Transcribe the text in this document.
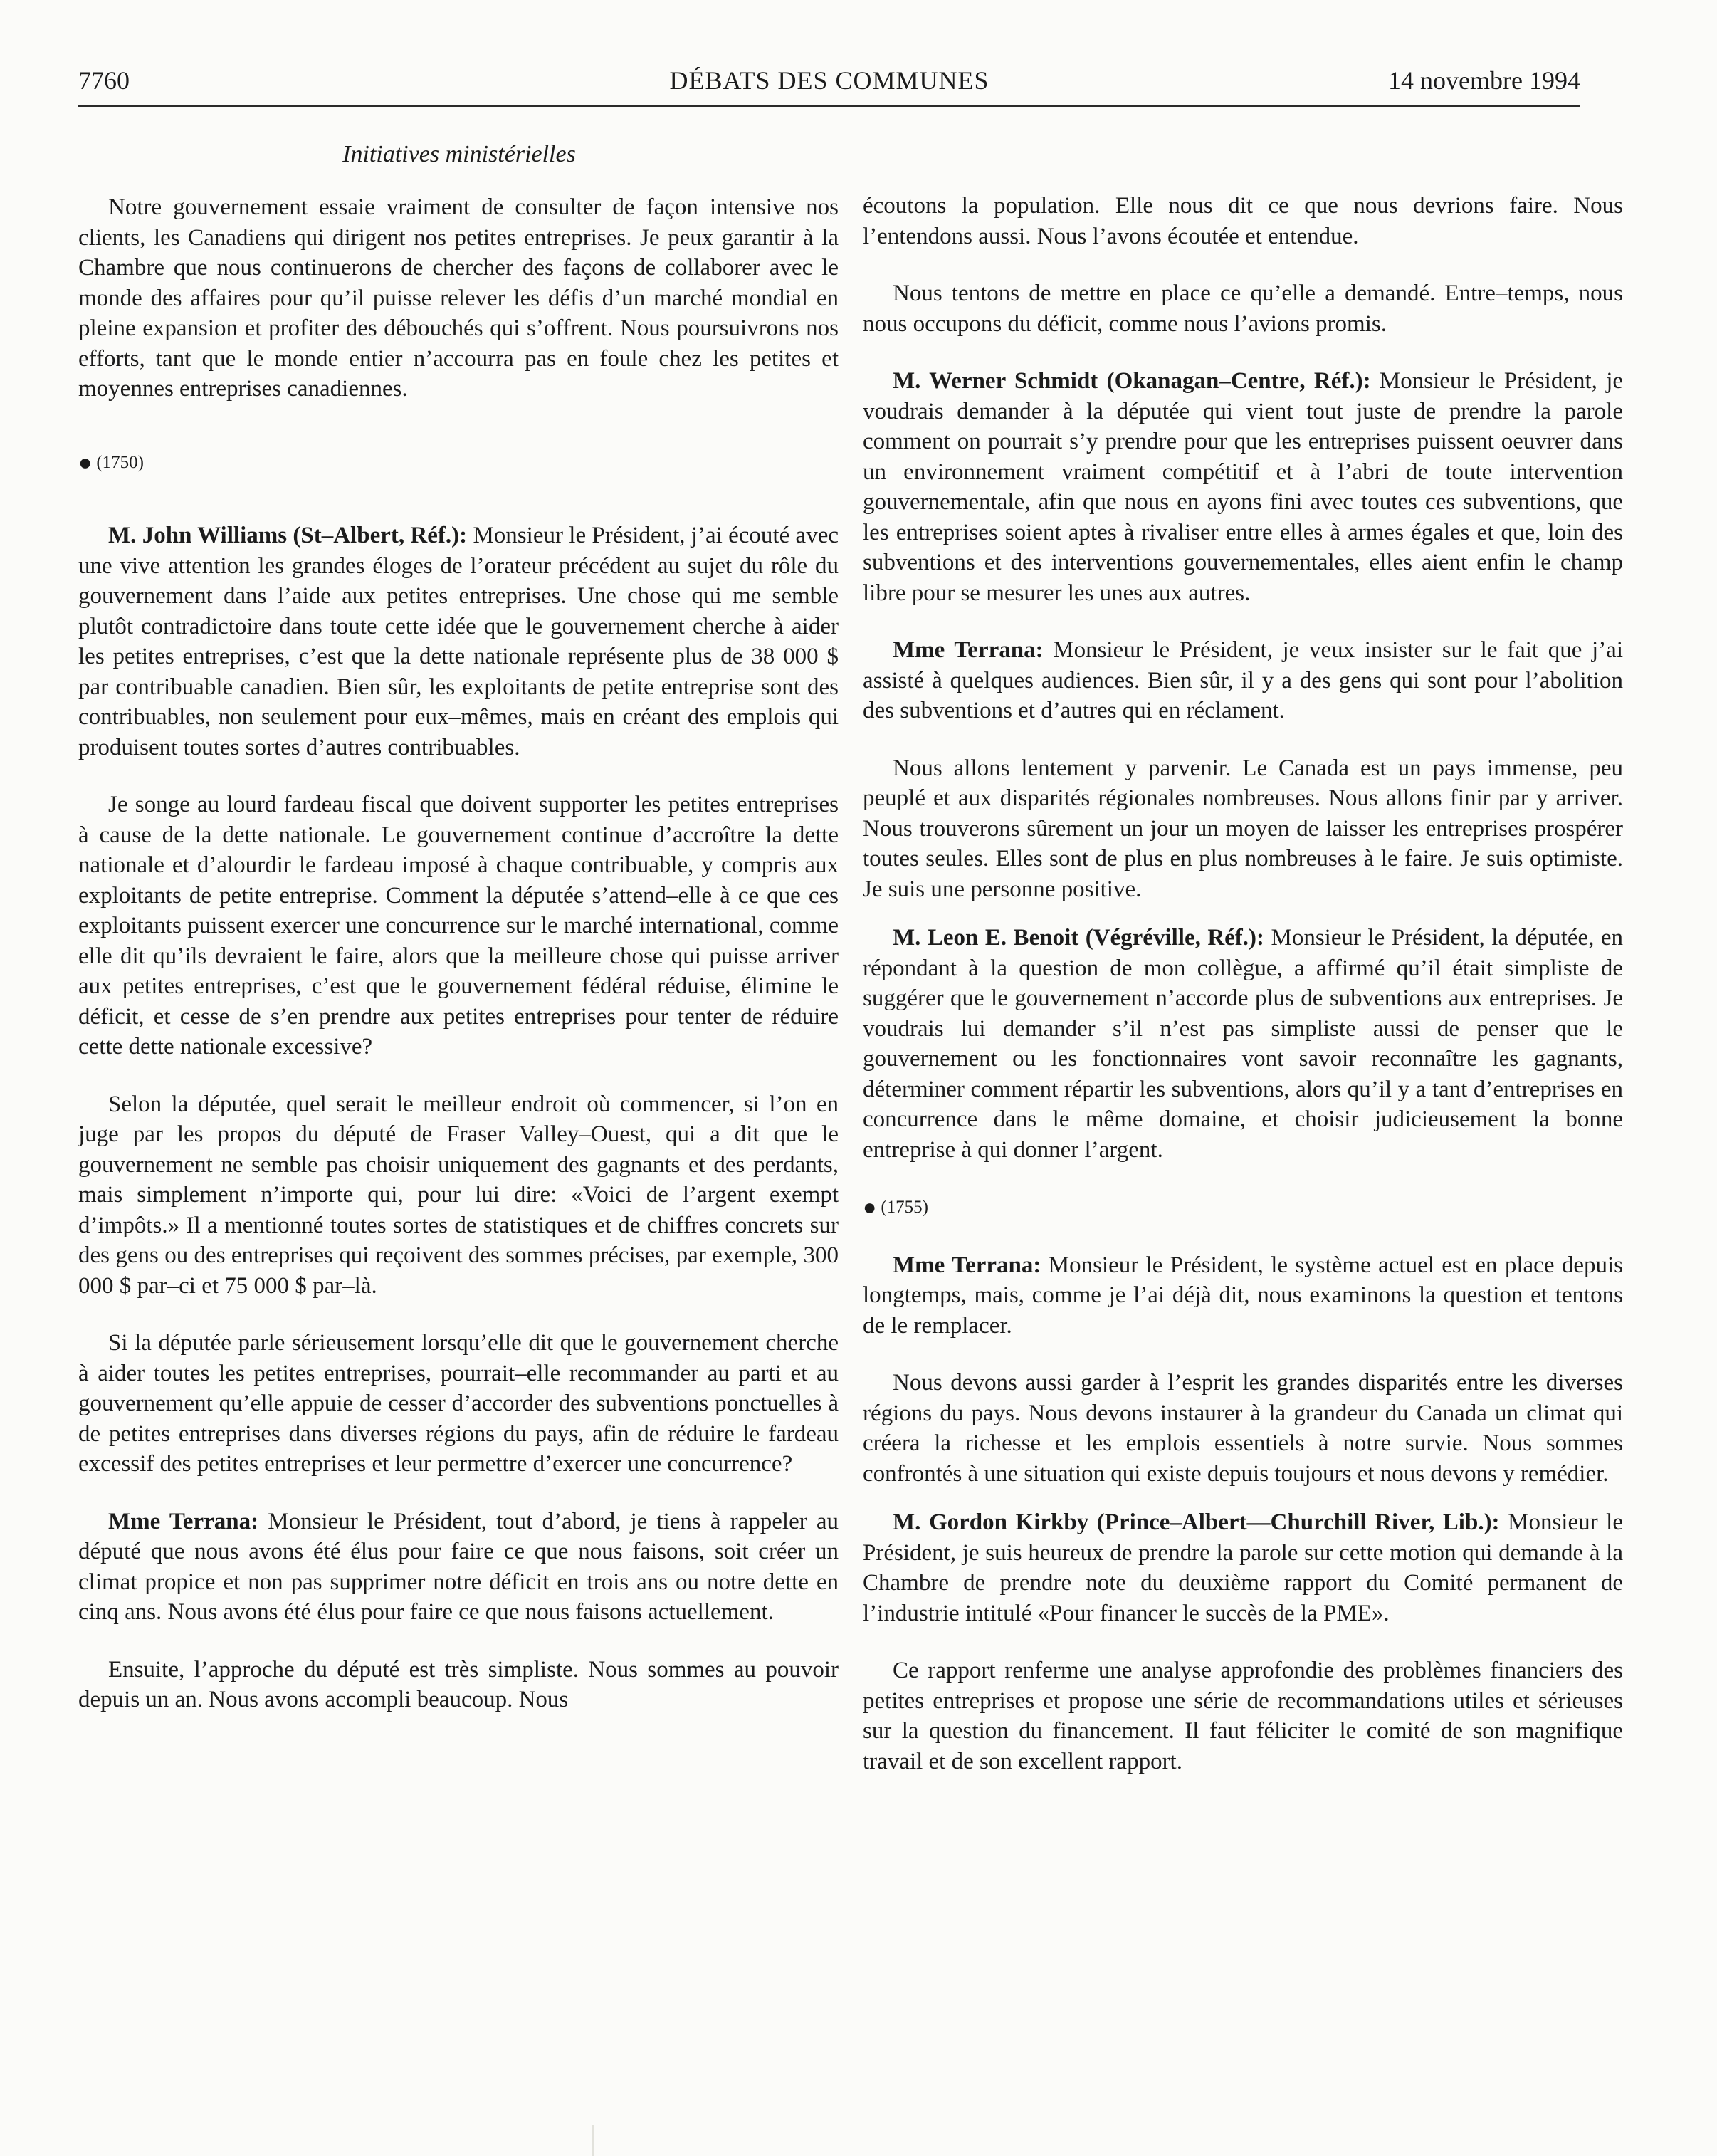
7760	DÉBATS DES COMMUNES	14 novembre 1994
Initiatives ministérielles

Notre gouvernement essaie vraiment de consulter de façon intensive nos clients, les Canadiens qui dirigent nos petites entreprises. Je peux garantir à la Chambre que nous continuerons de chercher des façons de collaborer avec le monde des affaires pour qu’il puisse relever les défis d’un marché mondial en pleine expansion et profiter des débouchés qui s’offrent. Nous poursuivrons nos efforts, tant que le monde entier n’accourra pas en foule chez les petites et moyennes entreprises canadiennes.

● (1750)

M. John Williams (St–Albert, Réf.): Monsieur le Président, j’ai écouté avec une vive attention les grandes éloges de l’orateur précédent au sujet du rôle du gouvernement dans l’aide aux petites entreprises. Une chose qui me semble plutôt contradictoire dans toute cette idée que le gouvernement cherche à aider les petites entreprises, c’est que la dette nationale représente plus de 38 000 $ par contribuable canadien. Bien sûr, les exploitants de petite entreprise sont des contribuables, non seulement pour eux–mêmes, mais en créant des emplois qui produisent toutes sortes d’autres contribuables.

Je songe au lourd fardeau fiscal que doivent supporter les petites entreprises à cause de la dette nationale. Le gouvernement continue d’accroître la dette nationale et d’alourdir le fardeau imposé à chaque contribuable, y compris aux exploitants de petite entreprise. Comment la députée s’attend–elle à ce que ces exploitants puissent exercer une concurrence sur le marché international, comme elle dit qu’ils devraient le faire, alors que la meilleure chose qui puisse arriver aux petites entreprises, c’est que le gouvernement fédéral réduise, élimine le déficit, et cesse de s’en prendre aux petites entreprises pour tenter de réduire cette dette nationale excessive?

Selon la députée, quel serait le meilleur endroit où commencer, si l’on en juge par les propos du député de Fraser Valley–Ouest, qui a dit que le gouvernement ne semble pas choisir uniquement des gagnants et des perdants, mais simplement n’importe qui, pour lui dire: «Voici de l’argent exempt d’impôts.» Il a mentionné toutes sortes de statistiques et de chiffres concrets sur des gens ou des entreprises qui reçoivent des sommes précises, par exemple, 300 000 $ par–ci et 75 000 $ par–là.

Si la députée parle sérieusement lorsqu’elle dit que le gouvernement cherche à aider toutes les petites entreprises, pourrait–elle recommander au parti et au gouvernement qu’elle appuie de cesser d’accorder des subventions ponctuelles à de petites entreprises dans diverses régions du pays, afin de réduire le fardeau excessif des petites entreprises et leur permettre d’exercer une concurrence?

Mme Terrana: Monsieur le Président, tout d’abord, je tiens à rappeler au député que nous avons été élus pour faire ce que nous faisons, soit créer un climat propice et non pas supprimer notre déficit en trois ans ou notre dette en cinq ans. Nous avons été élus pour faire ce que nous faisons actuellement.

Ensuite, l’approche du député est très simpliste. Nous sommes au pouvoir depuis un an. Nous avons accompli beaucoup. Nous

écoutons la population. Elle nous dit ce que nous devrions faire. Nous l’entendons aussi. Nous l’avons écoutée et entendue.

Nous tentons de mettre en place ce qu’elle a demandé. Entre–temps, nous nous occupons du déficit, comme nous l’avions promis.

M. Werner Schmidt (Okanagan–Centre, Réf.): Monsieur le Président, je voudrais demander à la députée qui vient tout juste de prendre la parole comment on pourrait s’y prendre pour que les entreprises puissent oeuvrer dans un environnement vraiment compétitif et à l’abri de toute intervention gouvernementale, afin que nous en ayons fini avec toutes ces subventions, que les entreprises soient aptes à rivaliser entre elles à armes égales et que, loin des subventions et des interventions gouvernementales, elles aient enfin le champ libre pour se mesurer les unes aux autres.

Mme Terrana: Monsieur le Président, je veux insister sur le fait que j’ai assisté à quelques audiences. Bien sûr, il y a des gens qui sont pour l’abolition des subventions et d’autres qui en réclament.

Nous allons lentement y parvenir. Le Canada est un pays immense, peu peuplé et aux disparités régionales nombreuses. Nous allons finir par y arriver. Nous trouverons sûrement un jour un moyen de laisser les entreprises prospérer toutes seules. Elles sont de plus en plus nombreuses à le faire. Je suis optimiste. Je suis une personne positive.

M. Leon E. Benoit (Végréville, Réf.): Monsieur le Président, la députée, en répondant à la question de mon collègue, a affirmé qu’il était simpliste de suggérer que le gouvernement n’accorde plus de subventions aux entreprises. Je voudrais lui demander s’il n’est pas simpliste aussi de penser que le gouvernement ou les fonctionnaires vont savoir reconnaître les gagnants, déterminer comment répartir les subventions, alors qu’il y a tant d’entreprises en concurrence dans le même domaine, et choisir judicieusement la bonne entreprise à qui donner l’argent.

● (1755)

Mme Terrana: Monsieur le Président, le système actuel est en place depuis longtemps, mais, comme je l’ai déjà dit, nous examinons la question et tentons de le remplacer.

Nous devons aussi garder à l’esprit les grandes disparités entre les diverses régions du pays. Nous devons instaurer à la grandeur du Canada un climat qui créera la richesse et les emplois essentiels à notre survie. Nous sommes confrontés à une situation qui existe depuis toujours et nous devons y remédier.

M. Gordon Kirkby (Prince–Albert—Churchill River, Lib.): Monsieur le Président, je suis heureux de prendre la parole sur cette motion qui demande à la Chambre de prendre note du deuxième rapport du Comité permanent de l’industrie intitulé «Pour financer le succès de la PME».

Ce rapport renferme une analyse approfondie des problèmes financiers des petites entreprises et propose une série de recommandations utiles et sérieuses sur la question du financement. Il faut féliciter le comité de son magnifique travail et de son excellent rapport.
